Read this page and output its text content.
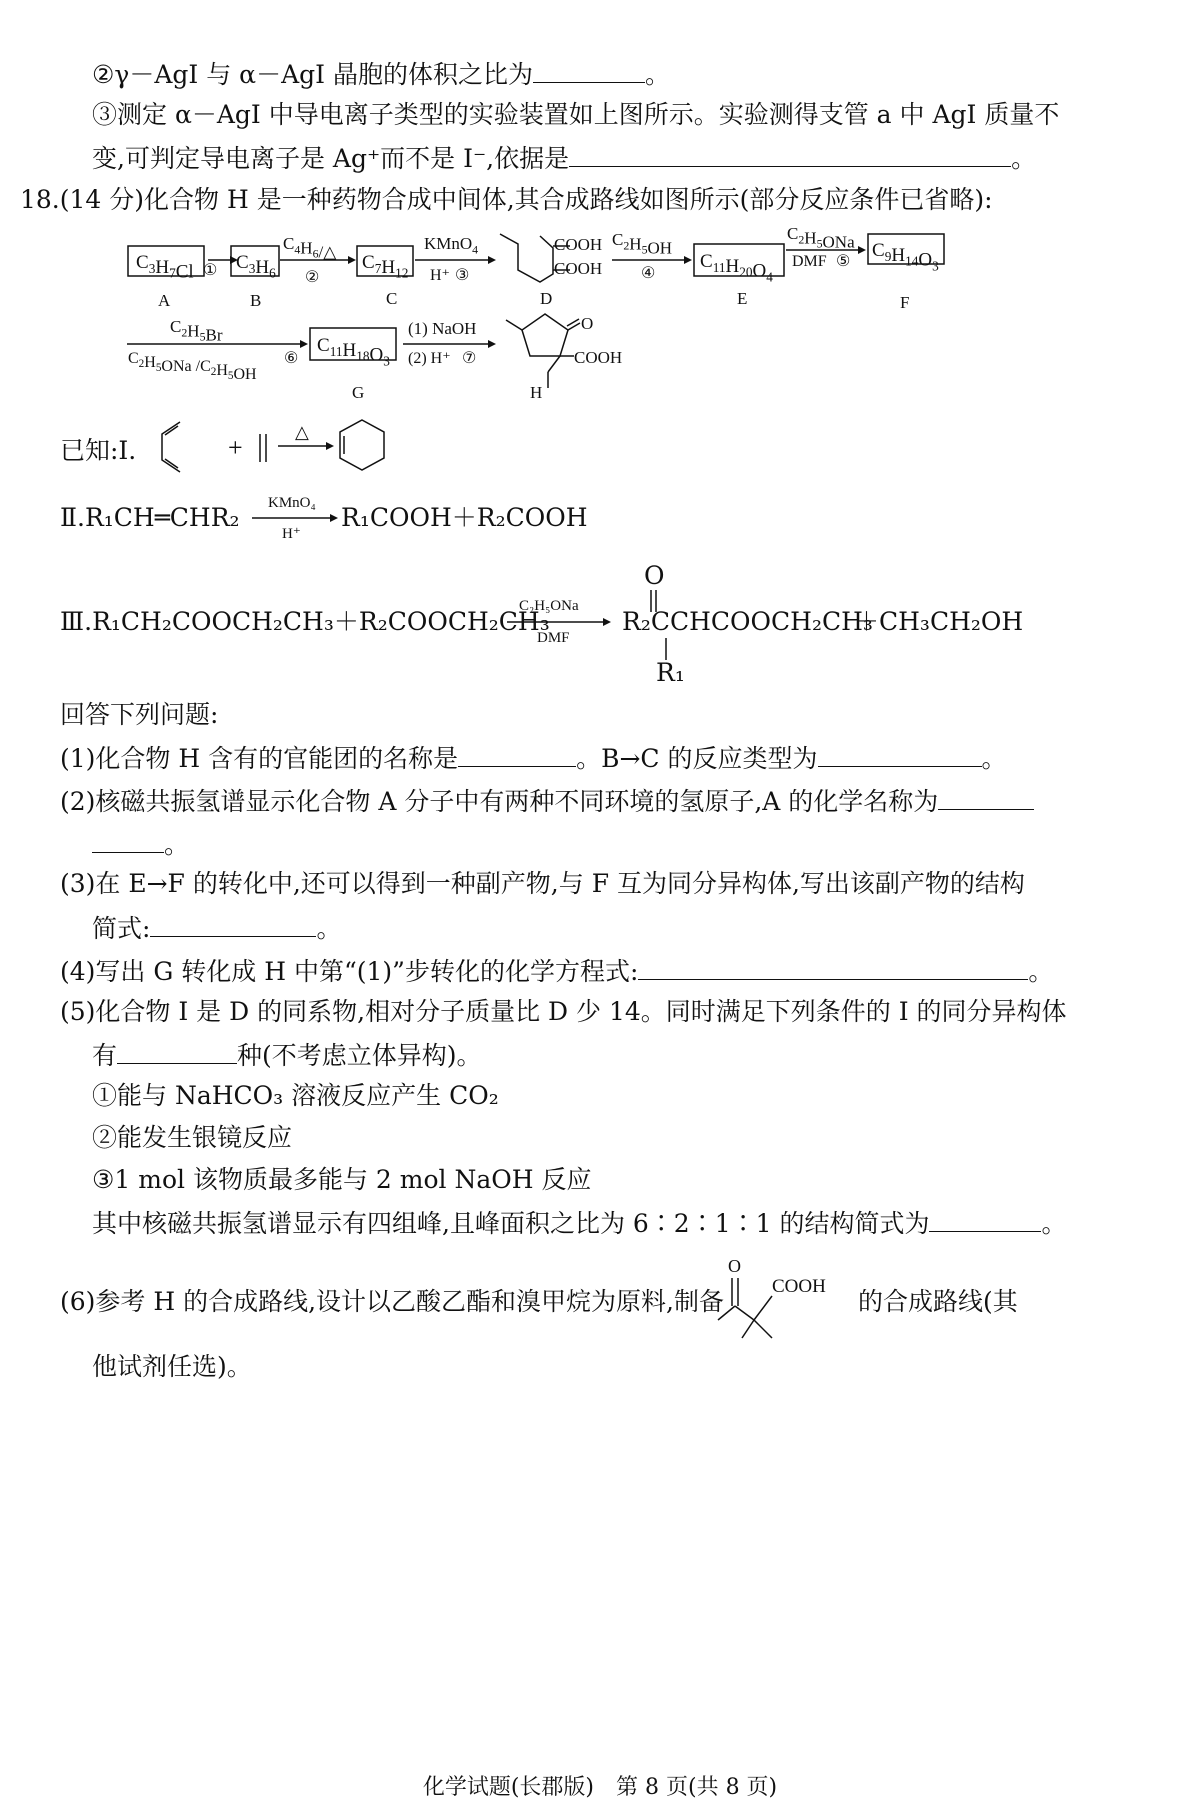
②γ－AgI 与 α－AgI 晶胞的体积之比为	。
③测定 α－AgI 中导电离子类型的实验装置如上图所示。实验测得支管 a 中 AgI 质量不
变,可判定导电离子是 Ag⁺而不是 I⁻,依据是	。
18.(14 分)化合物 H 是一种药物合成中间体,其合成路线如图所示(部分反应条件已省略):
$C_3H_7Cl$ ① $C_3H_6$
$C_4H_6/\triangle$
②
$C_7H_{12}$
KMnO$_4$
H⁺ ③
COOH
COOH
$C_2H_5OH$
④
$C_{11}H_{20}O_4$
$C_2H_5ONa$
DMF ⑤
$C_9H_{14}O_3$
A	B	C	D	E	F
$C_2H_5Br$
$C_2H_5ONa$ $/C_2H_5OH$
⑥
$C_{11}H_{18}O_3$
(1) NaOH
(2) H⁺ ⑦
O
COOH
H
G
已知:Ⅰ.	+
△
Ⅱ.R₁CH═CHR₂ KMnO₄
H⁺
R₁COOH＋R₂COOH
Ⅲ.R₁CH₂COOCH₂CH₃＋R₂COOCH₂CH₃
C₂H₅ONa
DMF
O
R₂CCHCOOCH₂CH₃
R₁
＋CH₃CH₂OH
回答下列问题:
(1)化合物 H 含有的官能团的名称是	。B→C 的反应类型为	。
(2)核磁共振氢谱显示化合物 A 分子中有两种不同环境的氢原子,A 的化学名称为
。
(3)在 E→F 的转化中,还可以得到一种副产物,与 F 互为同分异构体,写出该副产物的结构
简式:	。
(4)写出 G 转化成 H 中第“(1)”步转化的化学方程式:	。
(5)化合物 I 是 D 的同系物,相对分子质量比 D 少 14。同时满足下列条件的 I 的同分异构体
有	种(不考虑立体异构)。
①能与 NaHCO₃ 溶液反应产生 CO₂
②能发生银镜反应
③1 mol 该物质最多能与 2 mol NaOH 反应
其中核磁共振氢谱显示有四组峰,且峰面积之比为 6∶2∶1∶1 的结构简式为	。
(6)参考 H 的合成路线,设计以乙酸乙酯和溴甲烷为原料,制备
O
COOH
的合成路线(其
他试剂任选)。
化学试题(长郡版)　第 8 页(共 8 页)
